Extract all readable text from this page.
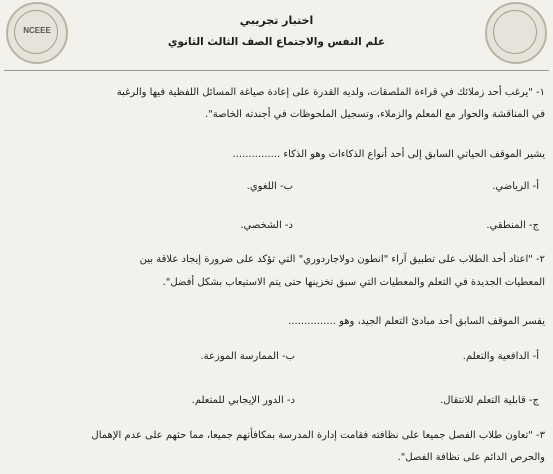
NCEEE
اختبار تجريبي
علم النفس والاجتماع الصف الثالث الثانوي
١- "يرغب أحد زملائك في قراءة الملصقات، ولديه القدرة على إعادة صياغة المسائل اللفظية فيها والرغبة
في المناقشة والحوار مع المعلم والزملاء، وتسجيل الملحوظات في أجندته الخاصة".
يشير الموقف الحياتي السابق إلى أحد أنواع الذكاءات وهو الذكاء ...............
أ- الرياضي.
ب- اللغوي.
ج- المنطقي.
د- الشخصي.
٢- "اعتاد أحد الطلاب على تطبيق آراء "انطون دولاجاردوري" التي تؤكد على ضرورة إيجاد علاقة بين
المعطيات الجديدة في التعلم والمعطيات التي سبق تخزينها حتى يتم الاستيعاب بشكل أفضل".
يفسر الموقف السابق أحد مبادئ التعلم الجيد، وهو ...............
أ- الدافعية والتعلم.
ب- الممارسة الموزعة.
ج- قابلية التعلم للانتقال.
د- الدور الإيجابي للمتعلم.
٣- "تعاون طلاب الفصل جميعا على نظافته فقامت إدارة المدرسة بمكافأتهم جميعا، مما حثهم على عدم الإهمال
والحرص الدائم على نظافة الفصل".
